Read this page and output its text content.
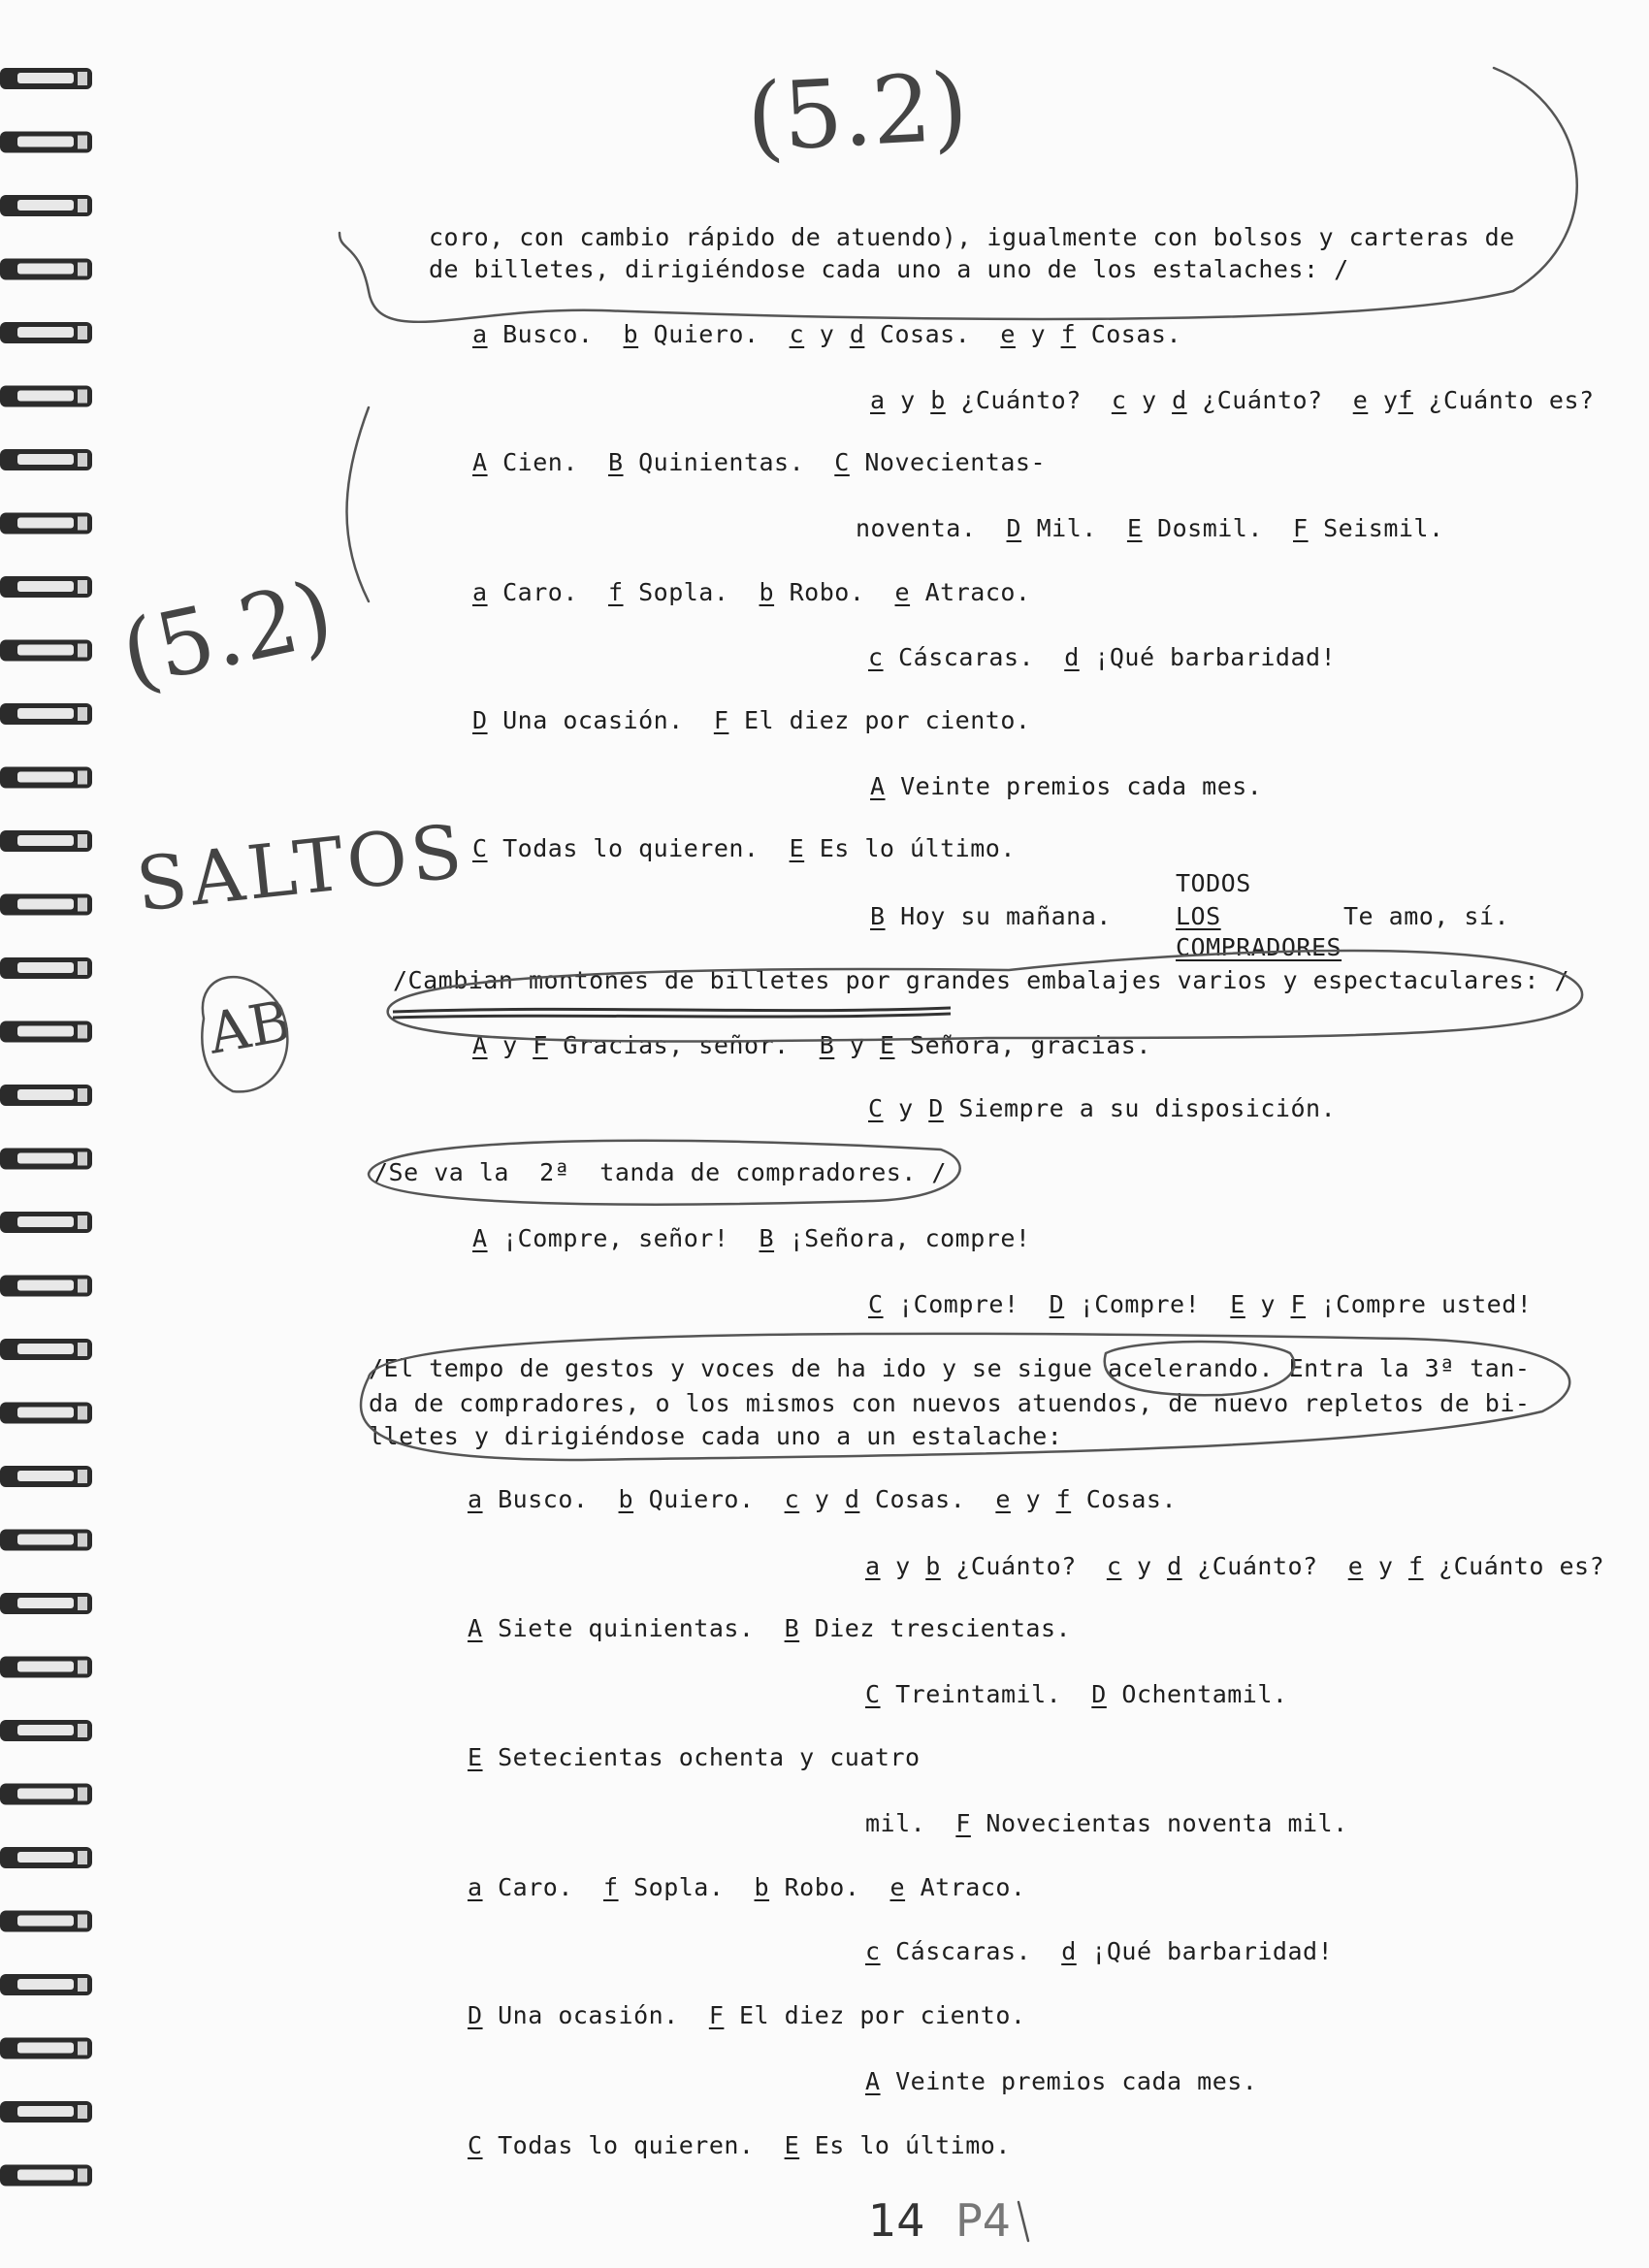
(5.2)
(5.2)
SALTOS
AB
14 P4
coro, con cambio rápido de atuendo), igualmente con bolsos y carteras de
de billetes, dirigiéndose cada uno a uno de los estalaches: /
a Busco.  b Quiero.  c y d Cosas.  e y f Cosas.
a y b ¿Cuánto?  c y d ¿Cuánto?  e yf ¿Cuánto es?
A Cien.  B Quinientas.  C Novecientas-
noventa.  D Mil.  E Dosmil.  F Seismil.
a Caro.  f Sopla.  b Robo.  e Atraco.
c Cáscaras.  d ¡Qué barbaridad!
D Una ocasión.  F El diez por ciento.
A Veinte premios cada mes.
C Todas lo quieren.  E Es lo último.
B Hoy su mañana.	Te amo, sí.
TODOS
LOS
COMPRADORES
/Cambian montones de billetes por grandes embalajes varios y espectaculares: /
A y F Gracias, señor.  B y E Señora, gracias.
C y D Siempre a su disposición.
/Se va la  2ª  tanda de compradores. /
A ¡Compre, señor!  B ¡Señora, compre!
C ¡Compre!  D ¡Compre!  E y F ¡Compre usted!
/El tempo de gestos y voces de ha ido y se sigue acelerando. Entra la 3ª tan-
da de compradores, o los mismos con nuevos atuendos, de nuevo repletos de bi-
lletes y dirigiéndose cada uno a un estalache:
a Busco.  b Quiero.  c y d Cosas.  e y f Cosas.
a y b ¿Cuánto?  c y d ¿Cuánto?  e y f ¿Cuánto es?
A Siete quinientas.  B Diez trescientas.
C Treintamil.  D Ochentamil.
E Setecientas ochenta y cuatro
mil.  F Novecientas noventa mil.
a Caro.  f Sopla.  b Robo.  e Atraco.
c Cáscaras.  d ¡Qué barbaridad!
D Una ocasión.  F El diez por ciento.
A Veinte premios cada mes.
C Todas lo quieren.  E Es lo último.
